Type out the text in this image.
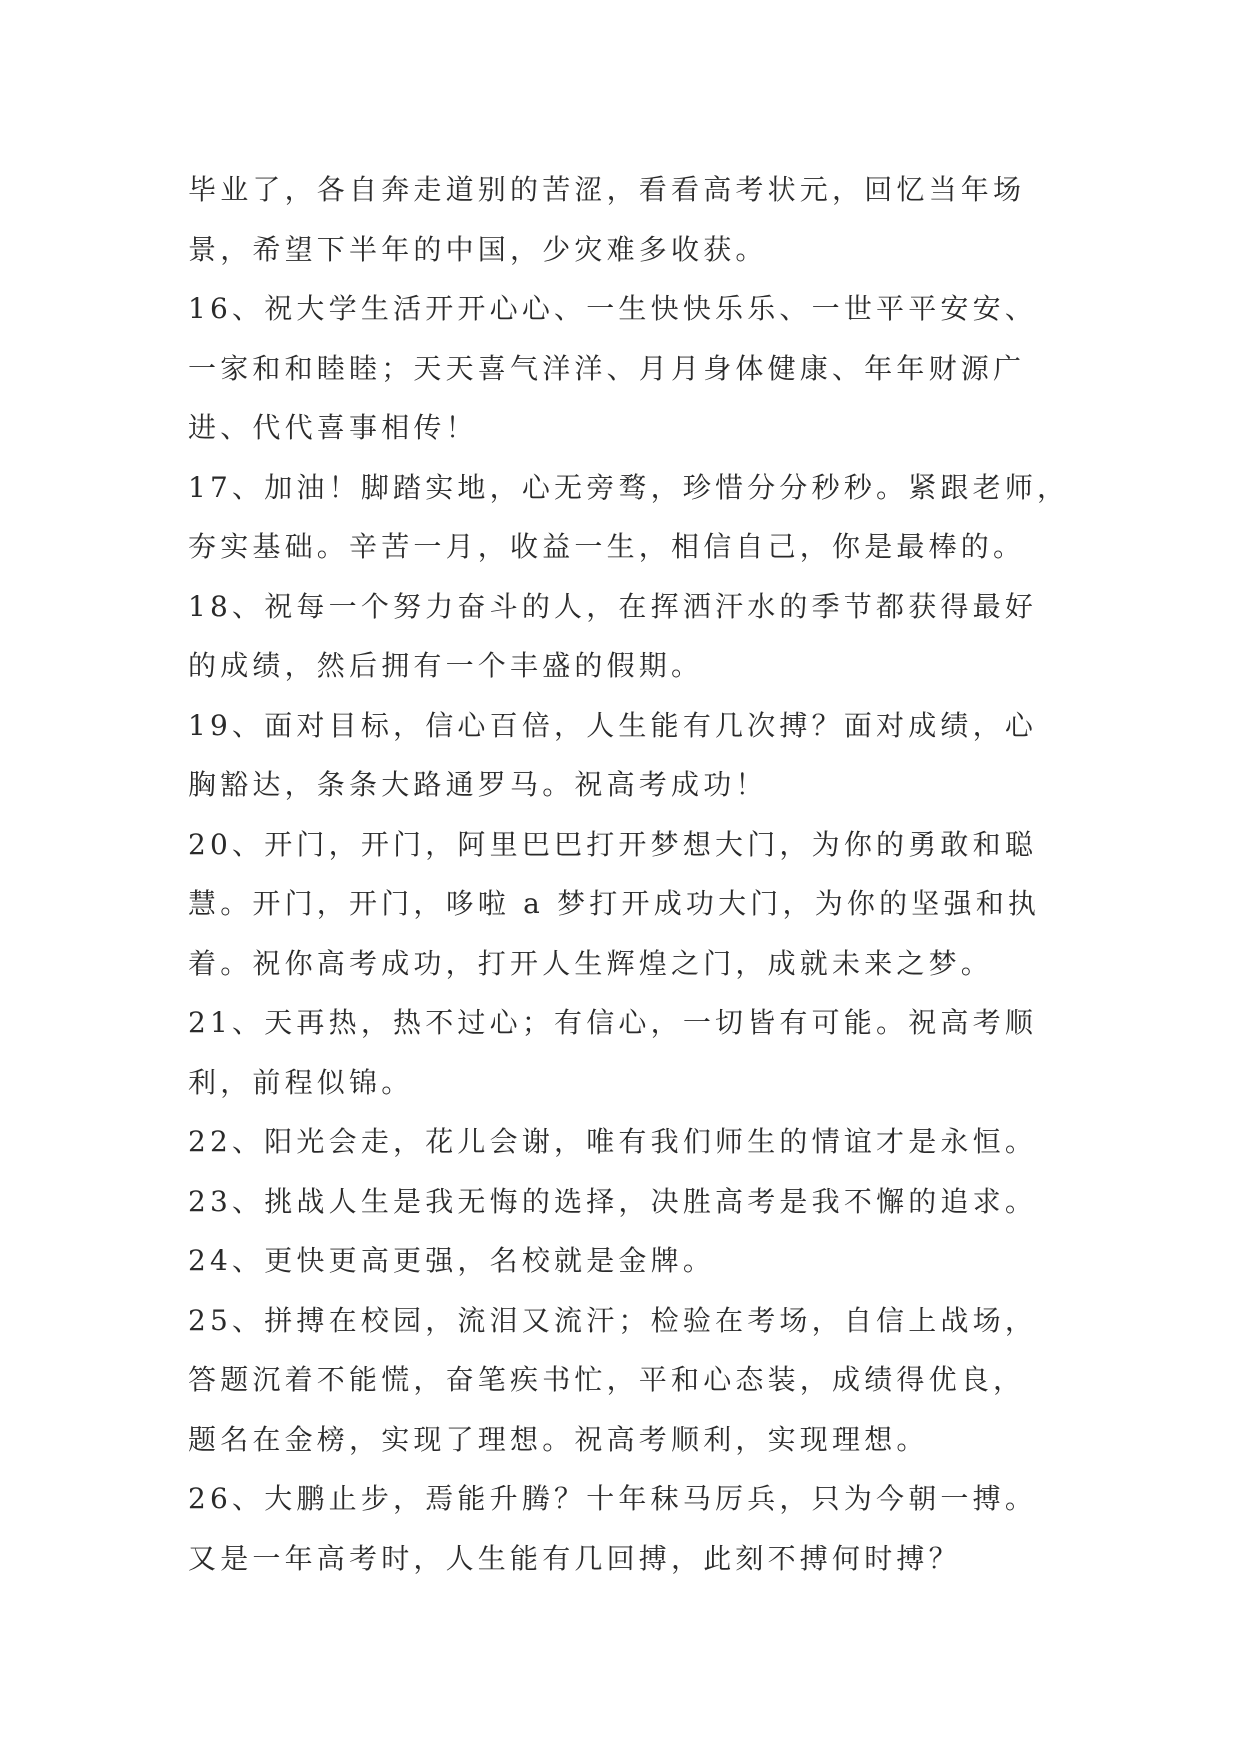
毕业了，各自奔走道别的苦涩，看看高考状元，回忆当年场
景，希望下半年的中国，少灾难多收获。
16、祝大学生活开开心心、一生快快乐乐、一世平平安安、
一家和和睦睦；天天喜气洋洋、月月身体健康、年年财源广
进、代代喜事相传！
17、加油！脚踏实地，心无旁骛，珍惜分分秒秒。紧跟老师，
夯实基础。辛苦一月，收益一生，相信自己，你是最棒的。
18、祝每一个努力奋斗的人，在挥洒汗水的季节都获得最好
的成绩，然后拥有一个丰盛的假期。
19、面对目标，信心百倍，人生能有几次搏？面对成绩，心
胸豁达，条条大路通罗马。祝高考成功！
20、开门，开门，阿里巴巴打开梦想大门，为你的勇敢和聪
慧。开门，开门，哆啦 a 梦打开成功大门，为你的坚强和执
着。祝你高考成功，打开人生辉煌之门，成就未来之梦。
21、天再热，热不过心；有信心，一切皆有可能。祝高考顺
利，前程似锦。
22、阳光会走，花儿会谢，唯有我们师生的情谊才是永恒。
23、挑战人生是我无悔的选择，决胜高考是我不懈的追求。
24、更快更高更强，名校就是金牌。
25、拼搏在校园，流泪又流汗；检验在考场，自信上战场，
答题沉着不能慌，奋笔疾书忙，平和心态装，成绩得优良，
题名在金榜，实现了理想。祝高考顺利，实现理想。
26、大鹏止步，焉能升腾？十年秣马厉兵，只为今朝一搏。
又是一年高考时，人生能有几回搏，此刻不搏何时搏？
